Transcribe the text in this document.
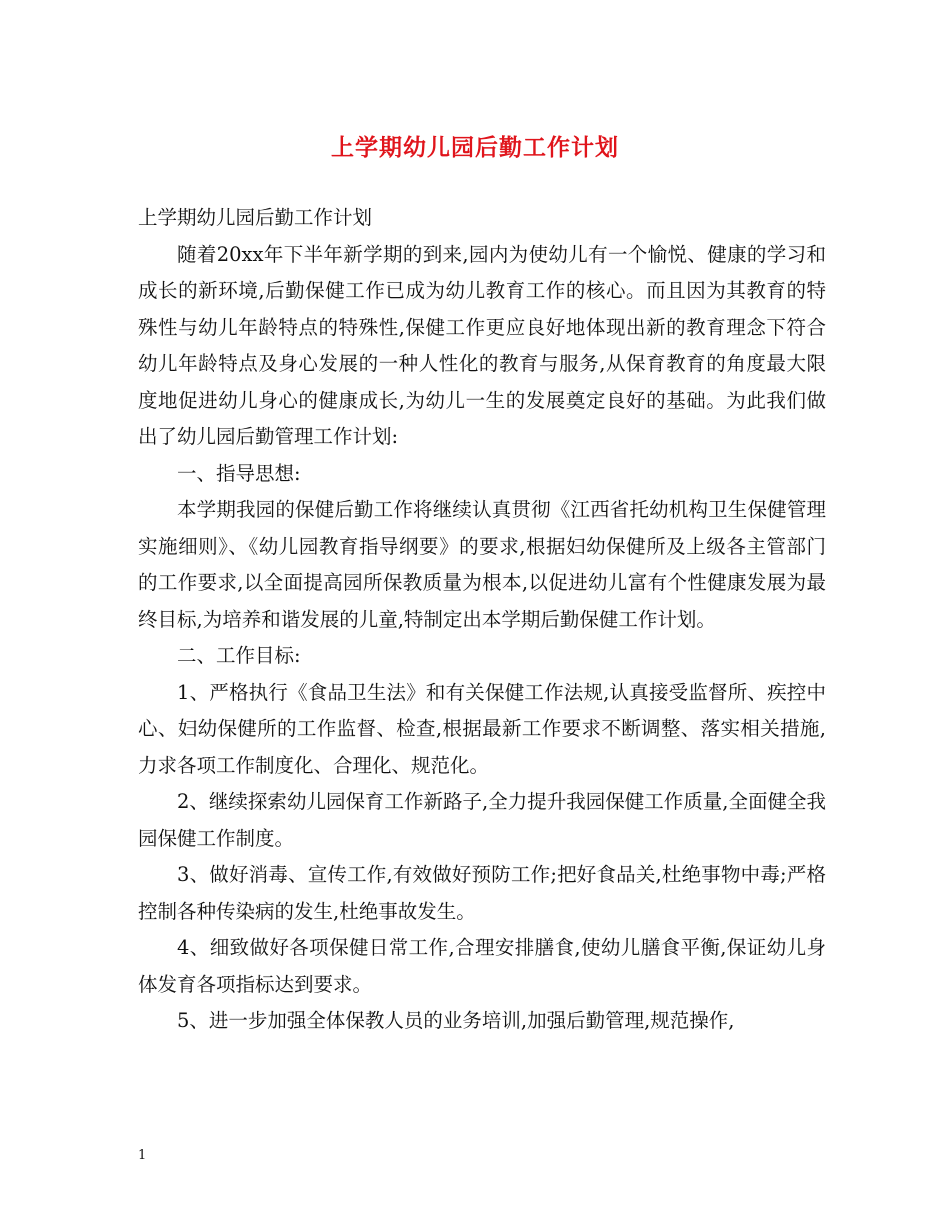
上学期幼儿园后勤工作计划

上学期幼儿园后勤工作计划

随着20xx年下半年新学期的到来,园内为使幼儿有一个愉悦、健康的学习和成长的新环境,后勤保健工作已成为幼儿教育工作的核心。而且因为其教育的特殊性与幼儿年龄特点的特殊性,保健工作更应良好地体现出新的教育理念下符合幼儿年龄特点及身心发展的一种人性化的教育与服务,从保育教育的角度最大限度地促进幼儿身心的健康成长,为幼儿一生的发展奠定良好的基础。为此我们做出了幼儿园后勤管理工作计划:

一、指导思想:

本学期我园的保健后勤工作将继续认真贯彻《江西省托幼机构卫生保健管理实施细则》、《幼儿园教育指导纲要》的要求,根据妇幼保健所及上级各主管部门的工作要求,以全面提高园所保教质量为根本,以促进幼儿富有个性健康发展为最终目标,为培养和谐发展的儿童,特制定出本学期后勤保健工作计划。

二、工作目标:

1、严格执行《食品卫生法》和有关保健工作法规,认真接受监督所、疾控中心、妇幼保健所的工作监督、检查,根据最新工作要求不断调整、落实相关措施,力求各项工作制度化、合理化、规范化。

2、继续探索幼儿园保育工作新路子,全力提升我园保健工作质量,全面健全我园保健工作制度。

3、做好消毒、宣传工作,有效做好预防工作;把好食品关,杜绝事物中毒;严格控制各种传染病的发生,杜绝事故发生。

4、细致做好各项保健日常工作,合理安排膳食,使幼儿膳食平衡,保证幼儿身体发育各项指标达到要求。

5、进一步加强全体保教人员的业务培训,加强后勤管理,规范操作,

1
